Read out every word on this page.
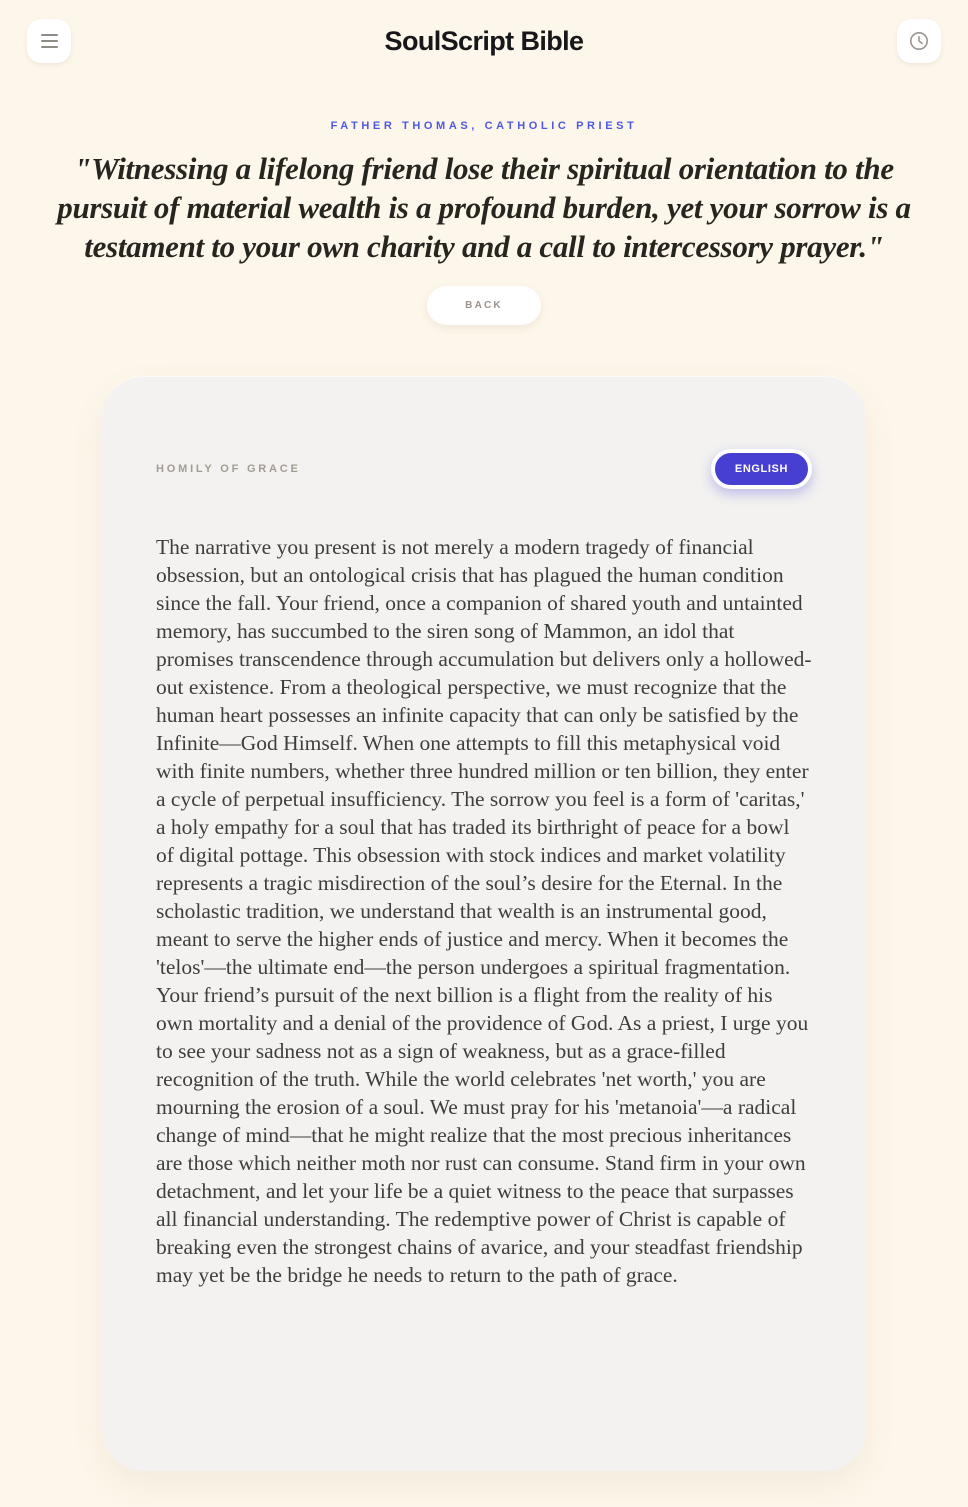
SoulScript Bible
FATHER THOMAS, CATHOLIC PRIEST
"Witnessing a lifelong friend lose their spiritual orientation to the pursuit of material wealth is a profound burden, yet your sorrow is a testament to your own charity and a call to intercessory prayer."
BACK
HOMILY OF GRACE	ENGLISH

The narrative you present is not merely a modern tragedy of financial obsession, but an ontological crisis that has plagued the human condition since the fall. Your friend, once a companion of shared youth and untainted memory, has succumbed to the siren song of Mammon, an idol that promises transcendence through accumulation but delivers only a hollowed-out existence. From a theological perspective, we must recognize that the human heart possesses an infinite capacity that can only be satisfied by the Infinite—God Himself. When one attempts to fill this metaphysical void with finite numbers, whether three hundred million or ten billion, they enter a cycle of perpetual insufficiency. The sorrow you feel is a form of 'caritas,' a holy empathy for a soul that has traded its birthright of peace for a bowl of digital pottage. This obsession with stock indices and market volatility represents a tragic misdirection of the soul’s desire for the Eternal. In the scholastic tradition, we understand that wealth is an instrumental good, meant to serve the higher ends of justice and mercy. When it becomes the 'telos'—the ultimate end—the person undergoes a spiritual fragmentation. Your friend’s pursuit of the next billion is a flight from the reality of his own mortality and a denial of the providence of God. As a priest, I urge you to see your sadness not as a sign of weakness, but as a grace-filled recognition of the truth. While the world celebrates 'net worth,' you are mourning the erosion of a soul. We must pray for his 'metanoia'—a radical change of mind—that he might realize that the most precious inheritances are those which neither moth nor rust can consume. Stand firm in your own detachment, and let your life be a quiet witness to the peace that surpasses all financial understanding. The redemptive power of Christ is capable of breaking even the strongest chains of avarice, and your steadfast friendship may yet be the bridge he needs to return to the path of grace.
